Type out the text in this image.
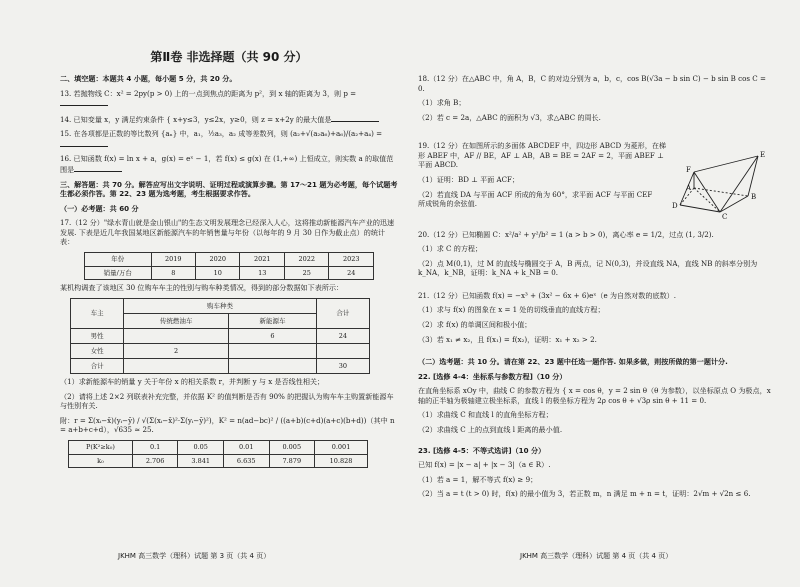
第Ⅱ卷 非选择题（共 90 分）
二、填空题：本题共 4 小题，每小题 5 分，共 20 分。
13. 若抛物线 C：x² = 2py(p > 0) 上的一点到焦点的距离为 p²，到 x 轴的距离为 3，则 p =
14. 已知变量 x，y 满足约束条件 { x+y≤3，y≤2x，y≥0，则 z = x+2y 的最大值是
15. 在各项都是正数的等比数列 {aₙ} 中，a₁，½a₃，a₂ 成等差数列，则 (a₂+√(a₂a₆)+a₆)/(a₂+a₄) =
16. 已知函数 f(x) = ln x + a，g(x) = eˣ − 1，若 f(x) ≤ g(x) 在 (1,+∞) 上恒成立，则实数 a 的取值范围是
三、解答题：共 70 分。解答应写出文字说明、证明过程或演算步骤。第 17～21 题为必考题，每个试题考生都必须作答。第 22、23 题为选考题，考生根据要求作答。
（一）必考题：共 60 分
17.（12 分）"绿水青山就是金山银山"的生态文明发展理念已经深入人心，这将推动新能源汽车产业的迅速发展. 下表是近几年我国某地区新能源汽车的年销售量与年份（以每年的 9 月 30 日作为截止点）的统计表：
年份	2019	2020	2021	2022	2023
销量/万台	8	10	13	25	24
某机构调查了该地区 30 位购车车主的性别与购车种类情况，得到的部分数据如下表所示：
车主	购车种类		合计
	传统燃油车	新能源车	
男性		6	24
女性	2		
合计			30
（1）求新能源车的销量 y 关于年份 x 的相关系数 r，并判断 y 与 x 是否线性相关；
（2）请将上述 2×2 列联表补充完整，并依据 K² 的值判断是否有 90% 的把握认为购车车主购置新能源车与性别有关.
附：r = Σ(xᵢ−x̄)(yᵢ−ȳ) / √(Σ(xᵢ−x̄)²·Σ(yᵢ−ȳ)²)，K² = n(ad−bc)² / ((a+b)(c+d)(a+c)(b+d))（其中 n = a+b+c+d），√635 ≈ 25.
P(K²≥k₀)	0.1	0.05	0.01	0.005	0.001
k₀	2.706	3.841	6.635	7.879	10.828
18.（12 分）在△ABC 中，角 A，B，C 的对边分别为 a，b，c，cos B(√3a − b sin C) − b sin B cos C = 0.
（1）求角 B；
（2）若 c = 2a，△ABC 的面积为 √3，求△ABC 的周长.
19.（12 分）在如图所示的多面体 ABCDEF 中，四边形 ABCD 为菱形，在梯形 ABEF 中，AF // BE，AF ⊥ AB，AB = BE = 2AF = 2，平面 ABEF ⊥ 平面 ABCD.
（1）证明：BD ⊥ 平面 ACF；
（2）若直线 DA 与平面 ACF 所成的角为 60°，求平面 ACF 与平面 CEF 所成锐角的余弦值.
20.（12 分）已知椭圆 C：x²/a² + y²/b² = 1 (a > b > 0)，离心率 e = 1/2，过点 (1, 3/2).
（1）求 C 的方程；
（2）点 M(0,1)，过 M 的直线与椭圆交于 A，B 两点，记 N(0,3)，并设直线 NA，直线 NB 的斜率分别为 k_NA，k_NB，证明：k_NA + k_NB = 0.
21.（12 分）已知函数 f(x) = −x³ + (3x² − 6x + 6)eˣ（e 为自然对数的底数）.
（1）求与 f(x) 的图象在 x = 1 处的切线垂直的直线方程；
（2）求 f(x) 的单调区间和极小值；
（3）若 x₁ ≠ x₂，且 f(x₁) = f(x₂)，证明：x₁ + x₂ > 2.
（二）选考题：共 10 分。请在第 22、23 题中任选一题作答. 如果多做，则按所做的第一题计分.
22. [选修 4-4：坐标系与参数方程]（10 分）
在直角坐标系 xOy 中，曲线 C 的参数方程为 { x = cos θ，y = 2 sin θ（θ 为参数），以坐标原点 O 为极点，x 轴的正半轴为极轴建立极坐标系，直线 l 的极坐标方程为 2ρ cos θ + √3ρ sin θ + 11 = 0.
（1）求曲线 C 和直线 l 的直角坐标方程；
（2）求曲线 C 上的点到直线 l 距离的最小值.
23. [选修 4-5：不等式选讲]（10 分）
已知 f(x) = |x − a| + |x − 3|（a ∈ R）.
（1）若 a = 1，解不等式 f(x) ≥ 9；
（2）当 a = t (t > 0) 时，f(x) 的最小值为 3，若正数 m，n 满足 m + n = t，证明：2√m + √2n ≤ 6.
E
F
A
B
C
D
JKHM 高三数学（理科）试题 第 3 页（共 4 页）	JKHM 高三数学（理科）试题 第 4 页（共 4 页）
